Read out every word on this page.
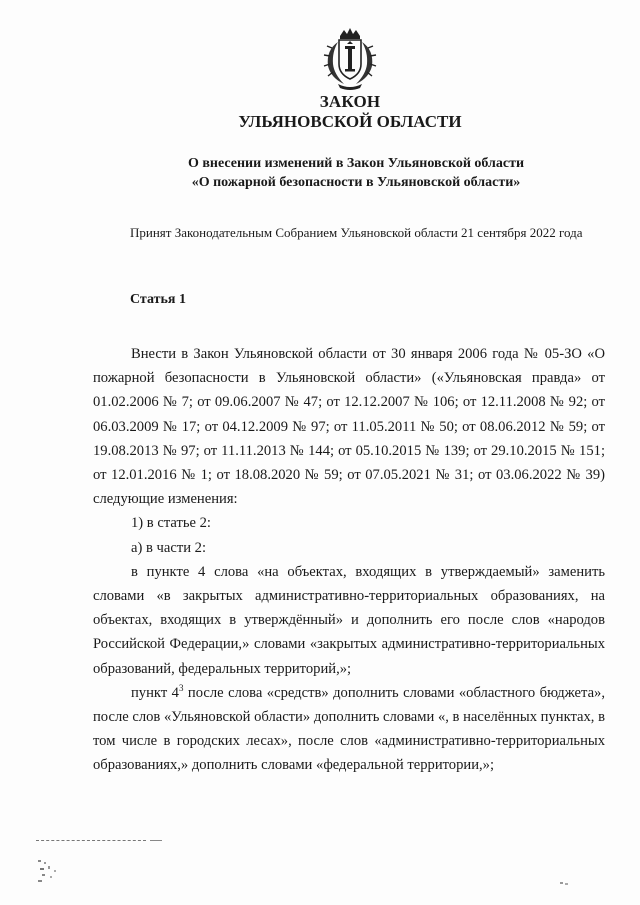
ЗАКОН
УЛЬЯНОВСКОЙ ОБЛАСТИ
О внесении изменений в Закон Ульяновской области
«О пожарной безопасности в Ульяновской области»
Принят Законодательным Собранием Ульяновской области 21 сентября 2022 года
Статья 1

Внести в Закон Ульяновской области от 30 января 2006 года № 05-ЗО «О пожарной безопасности в Ульяновской области» («Ульяновская правда» от 01.02.2006 № 7; от 09.06.2007 № 47; от 12.12.2007 № 106; от 12.11.2008 № 92; от 06.03.2009 № 17; от 04.12.2009 № 97; от 11.05.2011 № 50; от 08.06.2012 № 59; от 19.08.2013 № 97; от 11.11.2013 № 144; от 05.10.2015 № 139; от 29.10.2015 № 151; от 12.01.2016 № 1; от 18.08.2020 № 59; от 07.05.2021 № 31; от 03.06.2022 № 39) следующие изменения:

1) в статье 2:

а) в части 2:

в пункте 4 слова «на объектах, входящих в утверждаемый» заменить словами «в закрытых административно-территориальных образованиях, на объектах, входящих в утверждённый» и дополнить его после слов «народов Российской Федерации,» словами «закрытых административно-территориальных образований, федеральных территорий,»;

пункт $4^3$ после слова «средств» дополнить словами «областного бюджета», после слов «Ульяновской области» дополнить словами «, в населённых пунктах, в том числе в городских лесах», после слов «административно-территориальных образованиях,» дополнить словами «федеральной территории,»;
